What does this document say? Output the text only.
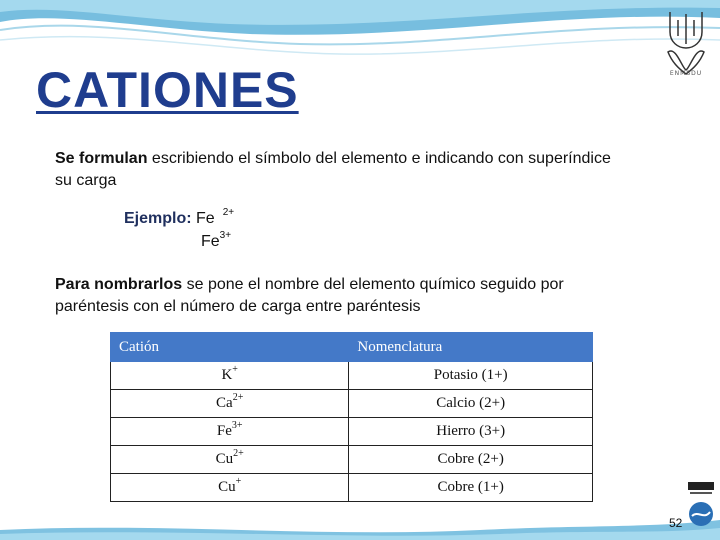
ENMSDU
CATIONES
Se formulan escribiendo el símbolo del elemento e indicando con superíndice su carga
Ejemplo: Fe $^{2+}$
$Fe^{3+}$
Para nombrarlos se pone el nombre del elemento químico seguido por paréntesis con el número de carga entre paréntesis
Catión	Nomenclatura
K+	Potasio (1+)
$Ca^{2+}$	Calcio (2+)
$Fe^{3+}$	Hierro (3+)
$Cu^{2+}$	Cobre (2+)
Cu+	Cobre (1+)
52
